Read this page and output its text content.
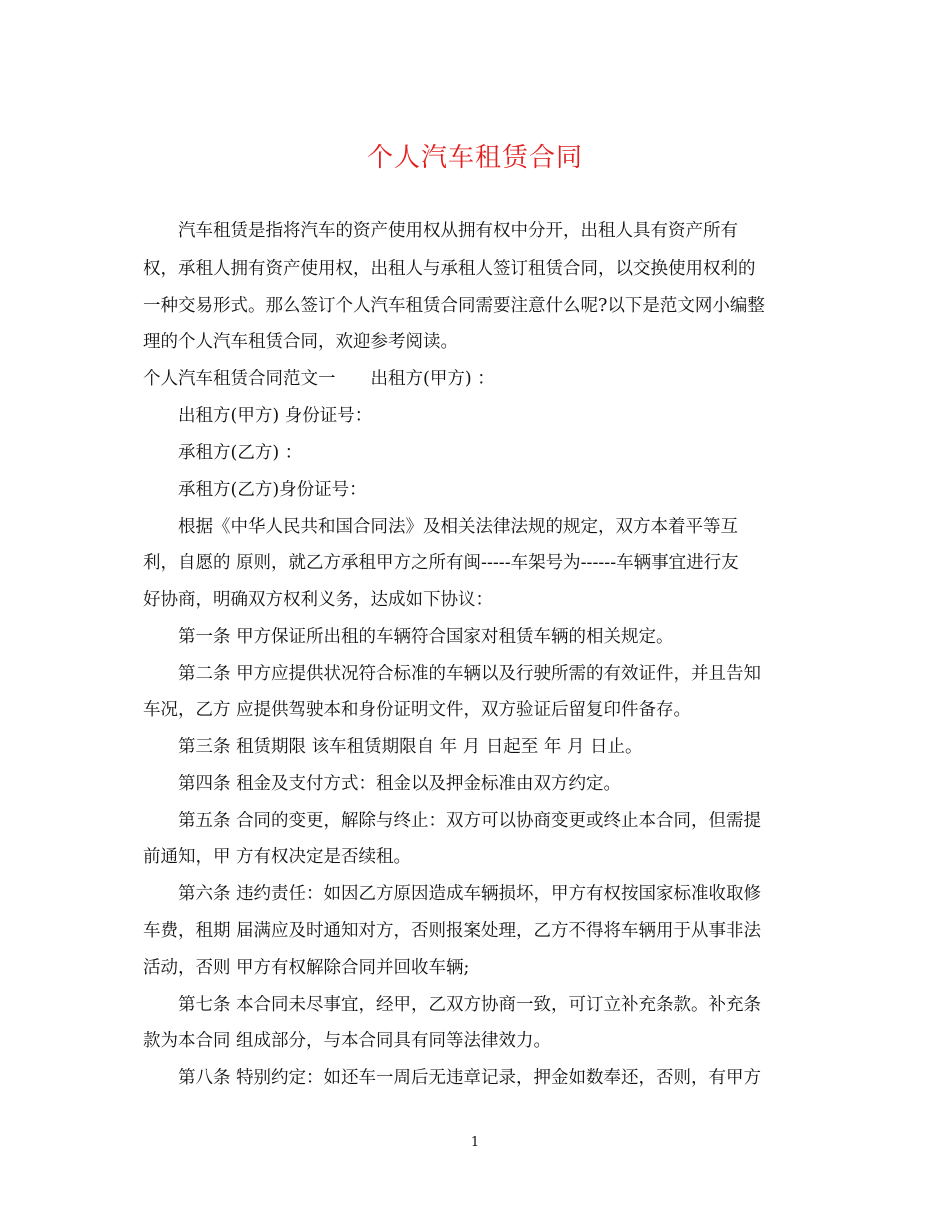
个人汽车租赁合同
汽车租赁是指将汽车的资产使用权从拥有权中分开，出租人具有资产所有
权，承租人拥有资产使用权，出租人与承租人签订租赁合同，以交换使用权利的
一种交易形式。那么签订个人汽车租赁合同需要注意什么呢?以下是范文网小编整
理的个人汽车租赁合同，欢迎参考阅读。
个人汽车租赁合同范文一　　出租方(甲方) ：
出租方(甲方) 身份证号：
承租方(乙方) ：
承租方(乙方)身份证号：
根据《中华人民共和国合同法》及相关法律法规的规定，双方本着平等互
利，自愿的 原则，就乙方承租甲方之所有闽-----车架号为------车辆事宜进行友
好协商，明确双方权利义务，达成如下协议：
第一条 甲方保证所出租的车辆符合国家对租赁车辆的相关规定。
第二条 甲方应提供状况符合标准的车辆以及行驶所需的有效证件，并且告知
车况，乙方 应提供驾驶本和身份证明文件，双方验证后留复印件备存。
第三条 租赁期限 该车租赁期限自 年 月 日起至 年 月 日止。
第四条 租金及支付方式：租金以及押金标准由双方约定。
第五条 合同的变更，解除与终止：双方可以协商变更或终止本合同，但需提
前通知，甲 方有权决定是否续租。
第六条 违约责任：如因乙方原因造成车辆损坏，甲方有权按国家标准收取修
车费，租期 届满应及时通知对方，否则报案处理，乙方不得将车辆用于从事非法
活动，否则 甲方有权解除合同并回收车辆;
第七条 本合同未尽事宜，经甲，乙双方协商一致，可订立补充条款。补充条
款为本合同 组成部分，与本合同具有同等法律效力。
第八条 特别约定：如还车一周后无违章记录，押金如数奉还，否则，有甲方
1
